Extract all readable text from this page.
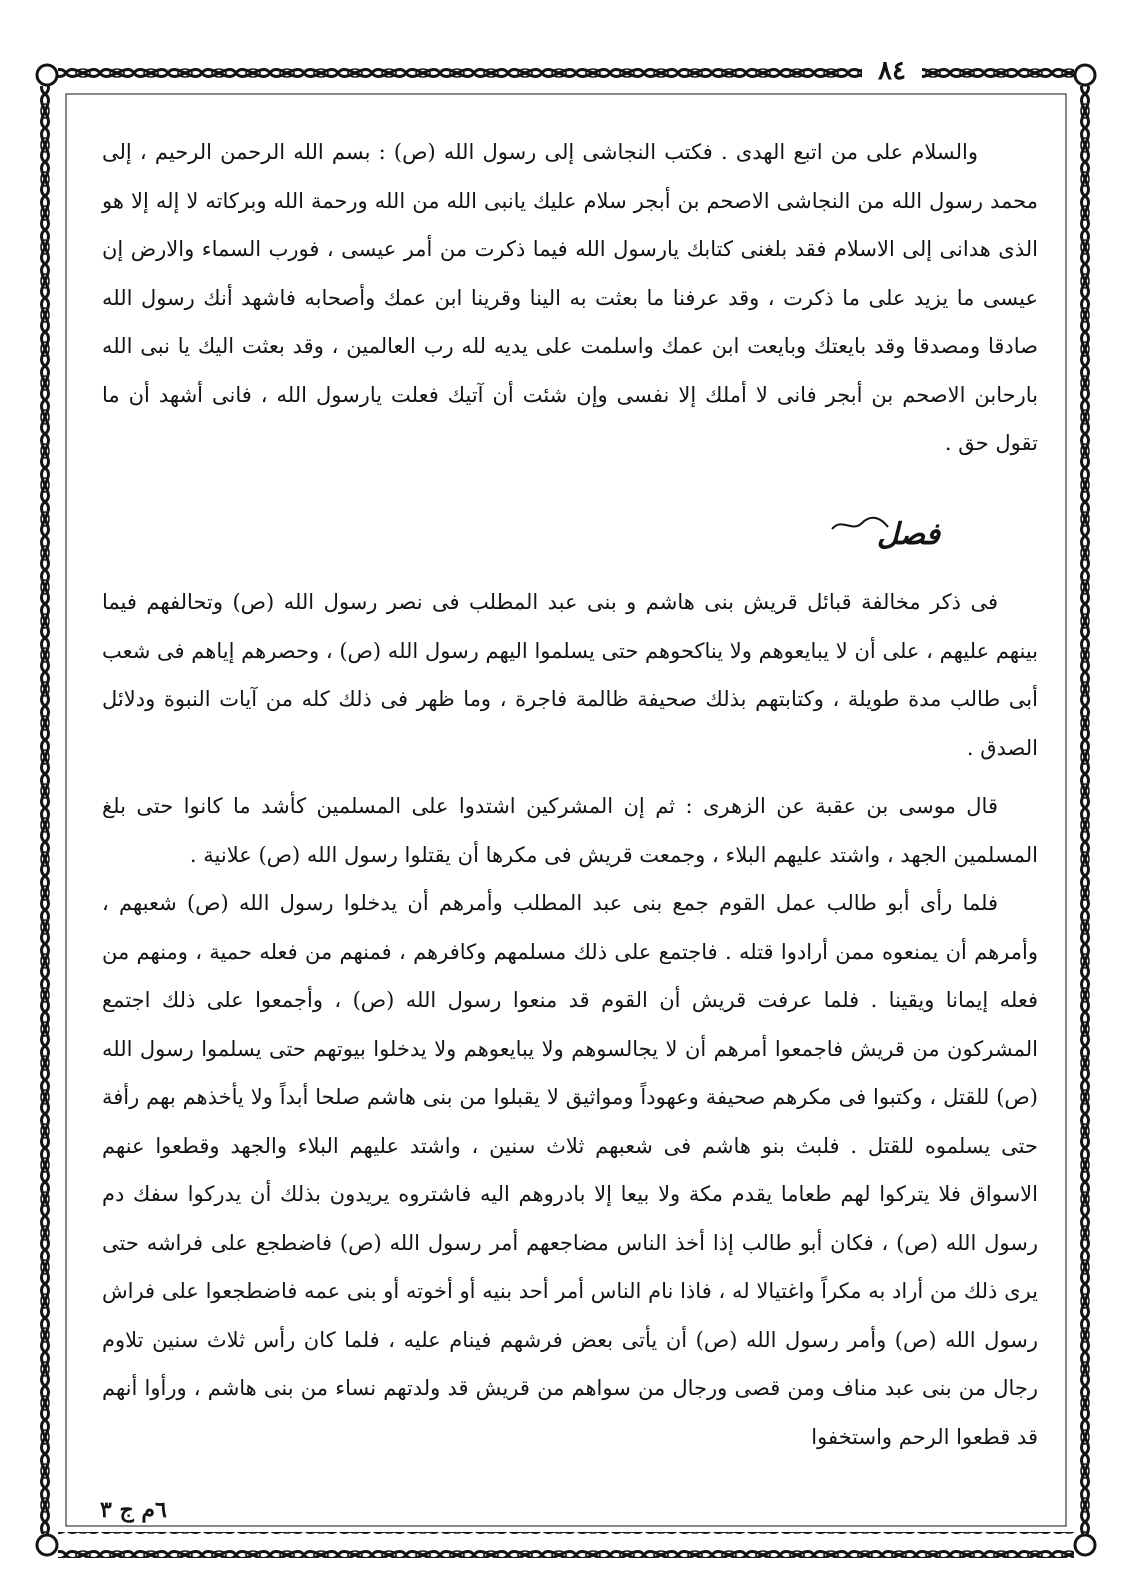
٨٤

والسلام على من اتبع الهدى . فكتب النجاشى إلى رسول الله (ص) : بسم الله الرحمن الرحيم ، إلى محمد رسول الله من النجاشى الاصحم بن أبجر سلام عليك يانبى الله من الله ورحمة الله وبركاته لا إله إلا هو الذى هدانى إلى الاسلام فقد بلغنى كتابك يارسول الله فيما ذكرت من أمر عيسى ، فورب السماء والارض إن عيسى ما يزيد على ما ذكرت ، وقد عرفنا ما بعثت به الينا وقرينا ابن عمك وأصحابه فاشهد أنك رسول الله صادقا ومصدقا وقد بايعتك وبايعت ابن عمك واسلمت على يديه لله رب العالمين ، وقد بعثت اليك يا نبى الله بارحابن الاصحم بن أبجر فانى لا أملك إلا نفسى وإن شئت أن آتيك فعلت يارسول الله ، فانى أشهد أن ما تقول حق .

فصل

فى ذكر مخالفة قبائل قريش بنى هاشم و بنى عبد المطلب فى نصر رسول الله (ص) وتحالفهم فيما بينهم عليهم ، على أن لا يبايعوهم ولا يناكحوهم حتى يسلموا اليهم رسول الله (ص) ، وحصرهم إياهم فى شعب أبى طالب مدة طويلة ، وكتابتهم بذلك صحيفة ظالمة فاجرة ، وما ظهر فى ذلك كله من آيات النبوة ودلائل الصدق .

قال موسى بن عقبة عن الزهرى : ثم إن المشركين اشتدوا على المسلمين كأشد ما كانوا حتى بلغ المسلمين الجهد ، واشتد عليهم البلاء ، وجمعت قريش فى مكرها أن يقتلوا رسول الله (ص) علانية .

فلما رأى أبو طالب عمل القوم جمع بنى عبد المطلب وأمرهم أن يدخلوا رسول الله (ص) شعبهم ، وأمرهم أن يمنعوه ممن أرادوا قتله . فاجتمع على ذلك مسلمهم وكافرهم ، فمنهم من فعله حمية ، ومنهم من فعله إيمانا ويقينا . فلما عرفت قريش أن القوم قد منعوا رسول الله (ص) ، وأجمعوا على ذلك اجتمع المشركون من قريش فاجمعوا أمرهم أن لا يجالسوهم ولا يبايعوهم ولا يدخلوا بيوتهم حتى يسلموا رسول الله (ص) للقتل ، وكتبوا فى مكرهم صحيفة وعهوداً ومواثيق لا يقبلوا من بنى هاشم صلحا أبداً ولا يأخذهم بهم رأفة حتى يسلموه للقتل . فلبث بنو هاشم فى شعبهم ثلاث سنين ، واشتد عليهم البلاء والجهد وقطعوا عنهم الاسواق فلا يتركوا لهم طعاما يقدم مكة ولا بيعا إلا بادروهم اليه فاشتروه يريدون بذلك أن يدركوا سفك دم رسول الله (ص) ، فكان أبو طالب إذا أخذ الناس مضاجعهم أمر رسول الله (ص) فاضطجع على فراشه حتى يرى ذلك من أراد به مكراً واغتيالا له ، فاذا نام الناس أمر أحد بنيه أو أخوته أو بنى عمه فاضطجعوا على فراش رسول الله (ص) وأمر رسول الله (ص) أن يأتى بعض فرشهم فينام عليه ، فلما كان رأس ثلاث سنين تلاوم رجال من بنى عبد مناف ومن قصى ورجال من سواهم من قريش قد ولدتهم نساء من بنى هاشم ، ورأوا أنهم قد قطعوا الرحم واستخفوا

٦م ج ٣
